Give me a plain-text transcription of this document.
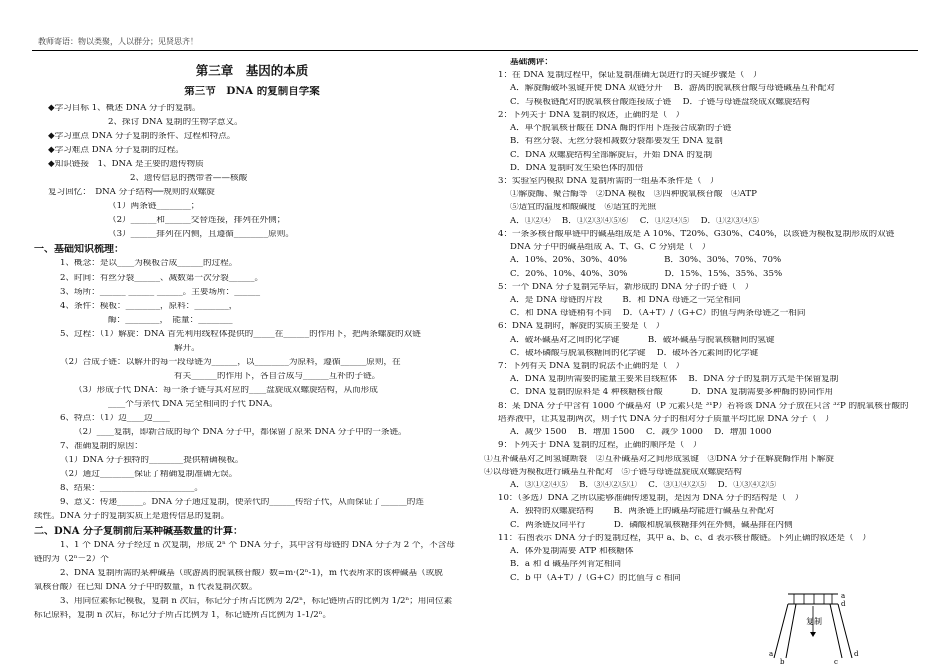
教师寄语：物以类聚，人以群分；见贤思齐！
第三章　基因的本质
第三节　DNA 的复制自学案
◆学习目标 1、概述 DNA 分子的复制。
2、探讨 DNA 复制的生物学意义。
◆学习重点 DNA 分子复制的条件、过程和特点。
◆学习难点 DNA 分子复制的过程。
◆知识链接　1、DNA 是主要的遗传物质
2、遗传信息的携带者——核酸
复习回忆：　DNA 分子结构──规则的双螺旋
（1）两条链________；
（2）______和______交替连接，排列在外侧；
（3）______排列在内侧，且遵循________原则。
一、基础知识梳理：
1、概念：是以____为模板合成______的过程。
2、时间：有丝分裂______、减数第一次分裂______。
3、场所：______ ______ ______。主要场所：______
4、条件：模板：________，原料：________，
酶：________，　能量：________
5、过程：（1）解旋：DNA 首先利用线粒体提供的_____在______的作用下，把两条螺旋的双链
解开。
（2）合成子链：以解开的每一段母链为______，以________为原料，遵循______原则，在
有关______的作用下，各自合成与______互补的子链。
（3）形成子代 DNA：每一条子链与其对应的____盘旋成双螺旋结构，从而形成
____个与亲代 DNA 完全相同的子代 DNA。
6、特点：（1）边____边____
（2）____复制，即新合成的每个 DNA 分子中，都保留了原来 DNA 分子中的一条链。
7、准确复制的原因：
（1）DNA 分子独特的________提供精确模板。
（2）通过________保证了精确复制准确无误。
8、结果：______________________。
9、意义：传递______。DNA 分子通过复制，使亲代的______传给子代，从而保证了______的连
续性。DNA 分子的复制实质上是遗传信息的复制。
二、DNA 分子复制前后某种碱基数量的计算：
1、1 个 DNA 分子经过 n 次复制，形成 2ⁿ 个 DNA 分子，其中含有母链的 DNA 分子为 2 个，不含母
链的为（2ⁿ－2）个
2、DNA 复制所需的某种碱基（或游离的脱氧核苷酸）数=m·(2ⁿ-1)，m 代表所求的该种碱基（或脱
氧核苷酸）在已知 DNA 分子中的数量，n 代表复制次数。
3、用同位素标记模板，复制 n 次后，标记分子所占比例为 2/2ⁿ，标记链所占的比例为 1/2ⁿ；用同位素
标记原料，复制 n 次后，标记分子所占比例为 1，标记链所占比例为 1-1/2ⁿ。
基础测评：
1：在 DNA 复制过程中，保证复制准确无误进行的关键步骤是（　）
A．解旋酶破坏氢键并使 DNA 双链分开　 B．游离的脱氧核苷酸与母链碱基互补配对
C．与模板链配对的脱氧核苷酸连接成子链　 D．子链与母链盘绕成双螺旋结构
2：下列关于 DNA 复制的叙述，正确的是（　）
A．单个脱氧核苷酸在 DNA 酶的作用下连接合成新的子链
B．有丝分裂、无丝分裂和减数分裂都要发生 DNA 复制
C．DNA 双螺旋结构全部解旋后，开始 DNA 的复制
D．DNA 复制时发生染色体的加倍
3：实验室内模拟 DNA 复制所需的一组基本条件是（　）
①解旋酶、聚合酶等　②DNA 模板　③四种脱氧核苷酸　④ATP
⑤适宜的温度和酸碱度　⑥适宜的光照
A．①②④　 B．①②③④⑤⑥　 C．①②④⑤　 D．①②③④⑤
4：一条多核苷酸单链中的碱基组成是 A 10%、T20%、G30%、C40%，以该链为模板复制形成的双链
DNA 分子中的碱基组成 A、T、G、C 分别是（　）
A．10%、20%、30%、40%　　　　 B．30%、30%、70%、70%
C．20%、10%、40%、30%　　　　 D．15%、15%、35%、35%
5：一个 DNA 分子复制完毕后，新形成的 DNA 分子的子链（　）
A．是 DNA 母链的片段　　 B．和 DNA 母链之一完全相同
C．和 DNA 母链稍有不同　 D．（A+T）/（G+C）的值与两条母链之一相同
6：DNA 复制时，解旋的实质主要是（　）
A．破坏碱基对之间的化学键　　　 B．破坏碱基与脱氧核糖间的氢键
C．破坏磷酸与脱氧核糖间的化学键　 D．破坏各元素间的化学键
7：下列有关 DNA 复制的说法不正确的是（　）
A．DNA 复制所需要的能量主要来自线粒体　 B．DNA 分子的复制方式是半保留复制
C．DNA 复制的原料是 4 种核糖核苷酸　　　 D．DNA 复制需要多种酶的协同作用
8：某 DNA 分子中含有 1000 个碱基对（P 元素只是 ³¹P）若将该 DNA 分子放在只含 ³²P 的脱氧核苷酸的
培养液中，让其复制两次，则子代 DNA 分子的相对分子质量平均比原 DNA 分子（　）
A．减少 1500　 B．增加 1500　 C．减少 1000　 D．增加 1000
9：下列关于 DNA 复制的过程，正确的顺序是（　）
①互补碱基对之间氢键断裂　②互补碱基对之间形成氢键　③DNA 分子在解旋酶作用下解旋
④以母链为模板进行碱基互补配对　⑤子链与母链盘旋成双螺旋结构
A．③①②④⑤　 B．③④②⑤①　 C．③①④②⑤　 D．①③④②⑤
10：（多选）DNA 之所以能够准确传递复制，是因为 DNA 分子的结构是（　）
A．独特的双螺旋结构　　 B．两条链上的碱基均能进行碱基互补配对
C．两条链反向平行　　　 D．磷酸和脱氧核糖排列在外侧，碱基排在内侧
11：右图表示 DNA 分子的复制过程，其中 a、b、c、d 表示核苷酸链。下列正确的叙述是（　）
A．体外复制需要 ATP 和核糖体
B．a 和 d 碱基序列肯定相同
C．b 中（A+T）/（G+C）的比值与 c 相同
复制
a
d
a
b	c
d
